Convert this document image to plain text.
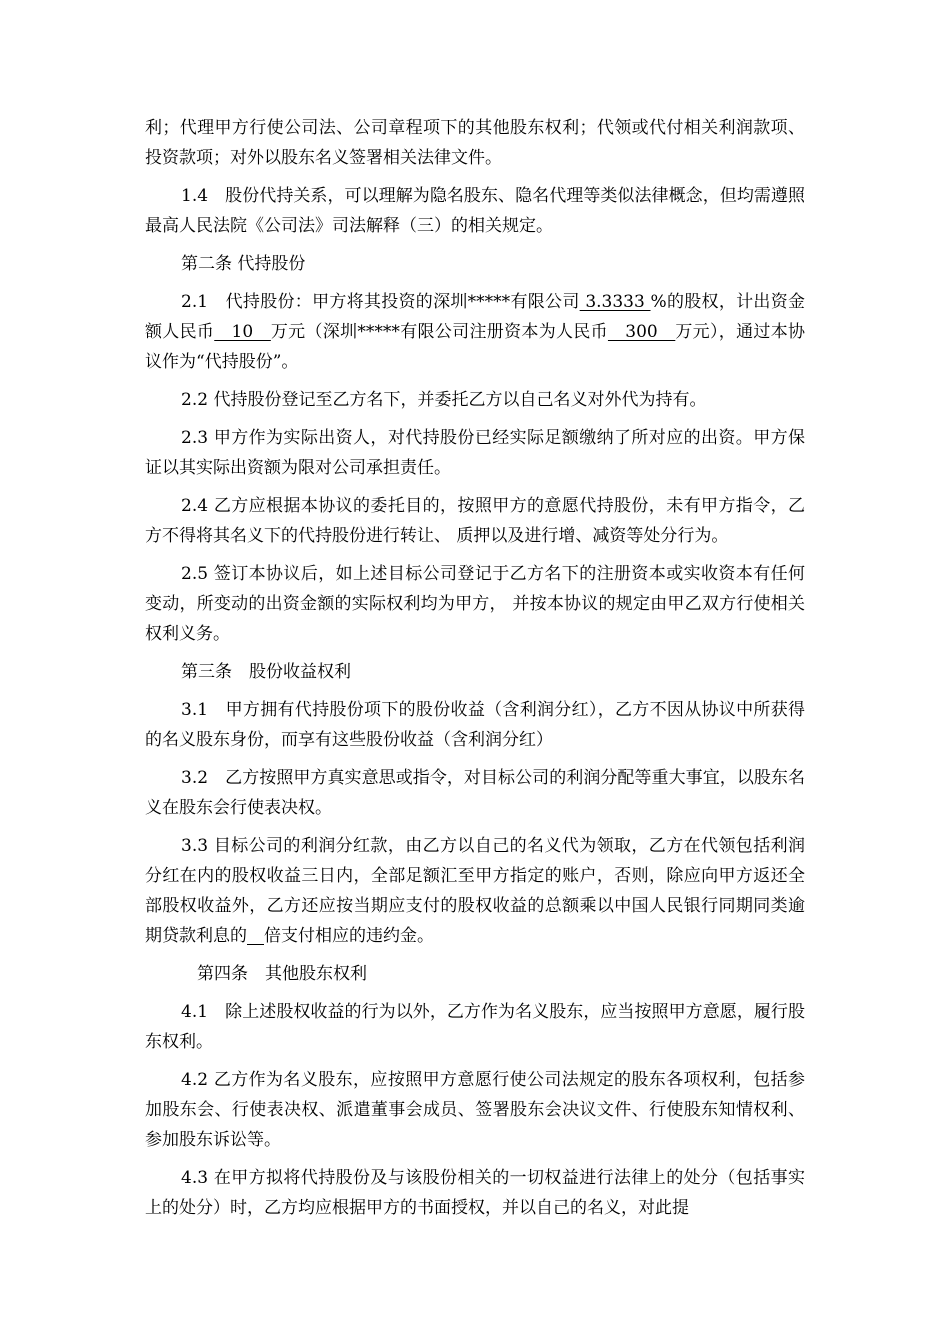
利；代理甲方行使公司法、公司章程项下的其他股东权利；代领或代付相关利润款项、投资款项；对外以股东名义签署相关法律文件。

1.4　股份代持关系，可以理解为隐名股东、隐名代理等类似法律概念，但均需遵照最高人民法院《公司法》司法解释（三）的相关规定。

第二条 代持股份

2.1　代持股份：甲方将其投资的深圳*****有限公司 3.3333 %的股权，计出资金额人民币　10　万元（深圳*****有限公司注册资本为人民币　300　万元），通过本协议作为“代持股份”。

2.2 代持股份登记至乙方名下，并委托乙方以自己名义对外代为持有。

2.3 甲方作为实际出资人，对代持股份已经实际足额缴纳了所对应的出资。甲方保证以其实际出资额为限对公司承担责任。

2.4 乙方应根据本协议的委托目的，按照甲方的意愿代持股份，未有甲方指令，乙方不得将其名义下的代持股份进行转让、 质押以及进行增、减资等处分行为。

2.5 签订本协议后，如上述目标公司登记于乙方名下的注册资本或实收资本有任何变动，所变动的出资金额的实际权利均为甲方， 并按本协议的规定由甲乙双方行使相关权利义务。

第三条　股份收益权利

3.1　甲方拥有代持股份项下的股份收益（含利润分红），乙方不因从协议中所获得的名义股东身份，而享有这些股份收益（含利润分红）

3.2　乙方按照甲方真实意思或指令，对目标公司的利润分配等重大事宜，以股东名义在股东会行使表决权。

3.3 目标公司的利润分红款，由乙方以自己的名义代为领取，乙方在代领包括利润分红在内的股权收益三日内，全部足额汇至甲方指定的账户，否则，除应向甲方返还全部股权收益外，乙方还应按当期应支付的股权收益的总额乘以中国人民银行同期同类逾期贷款利息的　 倍支付相应的违约金。

第四条　其他股东权利

4.1　除上述股权收益的行为以外，乙方作为名义股东，应当按照甲方意愿，履行股东权利。

4.2 乙方作为名义股东，应按照甲方意愿行使公司法规定的股东各项权利，包括参加股东会、行使表决权、派遣董事会成员、签署股东会决议文件、行使股东知情权利、参加股东诉讼等。

4.3 在甲方拟将代持股份及与该股份相关的一切权益进行法律上的处分（包括事实上的处分）时，乙方均应根据甲方的书面授权，并以自己的名义，对此提
